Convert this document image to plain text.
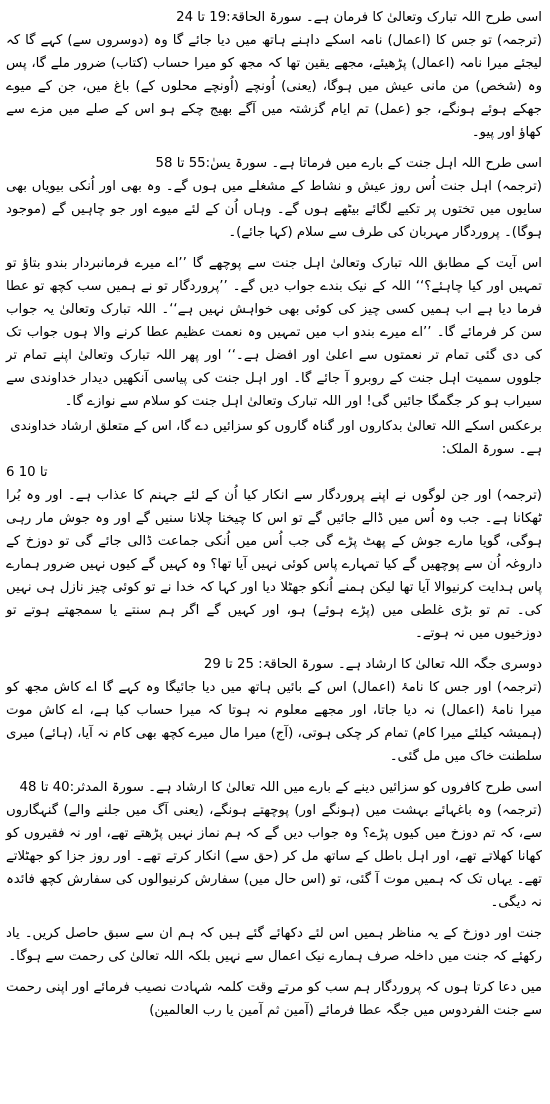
اسی طرح اللہ تبارک وتعالیٰ کا فرمان ہے۔ سورۃ الحاقۃ:19 تا 24

(ترجمہ) تو جس کا (اعمال) نامہ اسکے داہنے ہاتھ میں دیا جائے گا وہ (دوسروں سے) کہے گا کہ لیجئے میرا نامہ (اعمال) پڑھیئے، مجھے یقین تھا کہ مجھ کو میرا حساب (کتاب) ضرور ملے گا، پس وہ (شخص) من مانی عیش میں ہوگا، (یعنی) اُونچے (اُونچے محلوں کے) باغ میں، جن کے میوے جھکے ہوئے ہونگے، جو (عمل) تم ایام گزشتہ میں آگے بھیج چکے ہو اس کے صلے میں مزے سے کھاؤ اور پیو۔

اسی طرح اللہ اہل جنت کے بارے میں فرماتا ہے۔ سورۃ یسٰ:55 تا 58

(ترجمہ) اہل جنت اُس روز عیش و نشاط کے مشغلے میں ہوں گے۔ وہ بھی اور اُنکی بیویاں بھی سایوں میں تختوں پر تکیے لگائے بیٹھے ہوں گے۔ وہاں اُن کے لئے میوے اور جو چاہیں گے (موجود ہوگا)۔ پروردگار مہربان کی طرف سے سلام (کہا جائے)۔

اس آیت کے مطابق اللہ تبارک وتعالیٰ اہل جنت سے پوچھے گا ’’اے میرے فرمانبردار بندو بتاؤ تو تمہیں اور کیا چاہئے؟‘‘ اللہ کے نیک بندے جواب دیں گے۔ ’’پروردگار تو نے ہمیں سب کچھ تو عطا فرما دیا ہے اب ہمیں کسی چیز کی کوئی بھی خواہش نہیں ہے‘‘۔ اللہ تبارک وتعالیٰ یہ جواب سن کر فرمائے گا۔ ’’اے میرے بندو اب میں تمہیں وہ نعمت عظیم عطا کرنے والا ہوں جواب تک کی دی گئی تمام تر نعمتوں سے اعلیٰ اور افضل ہے۔‘‘ اور پھر اللہ تبارک وتعالیٰ اپنے تمام تر جلووں سمیت اہل جنت کے روبرو آ جائے گا۔ اور اہل جنت کی پیاسی آنکھیں دیدار خداوندی سے سیراب ہو کر جگمگا جائیں گی! اور اللہ تبارک وتعالیٰ اہل جنت کو سلام سے نوازے گا۔

برعکس اسکے اللہ تعالیٰ بدکاروں اور گناہ گاروں کو سزائیں دے گا، اس کے متعلق ارشاد خداوندی ہے۔ سورۃ الملک:

6 تا 10

(ترجمہ) اور جن لوگوں نے اپنے پروردگار سے انکار کیا اُن کے لئے جہنم کا عذاب ہے۔ اور وہ بُرا ٹھکانا ہے۔ جب وہ اُس میں ڈالے جائیں گے تو اس کا چیخنا چلانا سنیں گے اور وہ جوش مار رہی ہوگی، گویا مارے جوش کے پھٹ پڑے گی جب اُس میں اُنکی جماعت ڈالی جائے گی تو دوزخ کے داروغہ اُن سے پوچھیں گے کیا تمہارے پاس کوئی نہیں آیا تھا؟ وہ کہیں گے کیوں نہیں ضرور ہمارے پاس ہدایت کرنیوالا آیا تھا لیکن ہمنے اُنکو جھٹلا دیا اور کہا کہ خدا نے تو کوئی چیز نازل ہی نہیں کی۔ تم تو بڑی غلطی میں (پڑے ہوئے) ہو، اور کہیں گے اگر ہم سنتے یا سمجھتے ہوتے تو دوزخیوں میں نہ ہوتے۔

دوسری جگہ اللہ تعالیٰ کا ارشاد ہے۔ سورۃ الحاقۃ: 25 تا 29

(ترجمہ) اور جس کا نامۂ (اعمال) اس کے بائیں ہاتھ میں دیا جائیگا وہ کہے گا اے کاش مجھ کو میرا نامۂ (اعمال) نہ دیا جاتا، اور مجھے معلوم نہ ہوتا کہ میرا حساب کیا ہے، اے کاش موت (ہمیشہ کیلئے میرا کام) تمام کر چکی ہوتی، (آج) میرا مال میرے کچھ بھی کام نہ آیا، (ہائے) میری سلطنت خاک میں مل گئی۔

اسی طرح کافروں کو سزائیں دینے کے بارے میں اللہ تعالیٰ کا ارشاد ہے۔ سورۃ المدثر:40 تا 48

(ترجمہ) وہ باغہائے بہشت میں (ہونگے اور) پوچھتے ہونگے، (یعنی آگ میں جلنے والے) گنہگاروں سے، کہ تم دوزخ میں کیوں پڑے؟ وہ جواب دیں گے کہ ہم نماز نہیں پڑھتے تھے، اور نہ فقیروں کو کھانا کھلاتے تھے، اور اہل باطل کے ساتھ مل کر (حق سے) انکار کرتے تھے۔ اور روز جزا کو جھٹلاتے تھے۔ یہاں تک کہ ہمیں موت آ گئی، تو (اس حال میں) سفارش کرنیوالوں کی سفارش کچھ فائدہ نہ دیگی۔

جنت اور دوزخ کے یہ مناظر ہمیں اس لئے دکھائے گئے ہیں کہ ہم ان سے سبق حاصل کریں۔ یاد رکھئے کہ جنت میں داخلہ صرف ہمارے نیک اعمال سے نہیں بلکہ اللہ تعالیٰ کی رحمت سے ہوگا۔

میں دعا کرتا ہوں کہ پروردگار ہم سب کو مرتے وقت کلمہ شہادت نصیب فرمائے اور اپنی رحمت سے جنت الفردوس میں جگہ عطا فرمائے (آمین ثم آمین یا رب العالمین)
